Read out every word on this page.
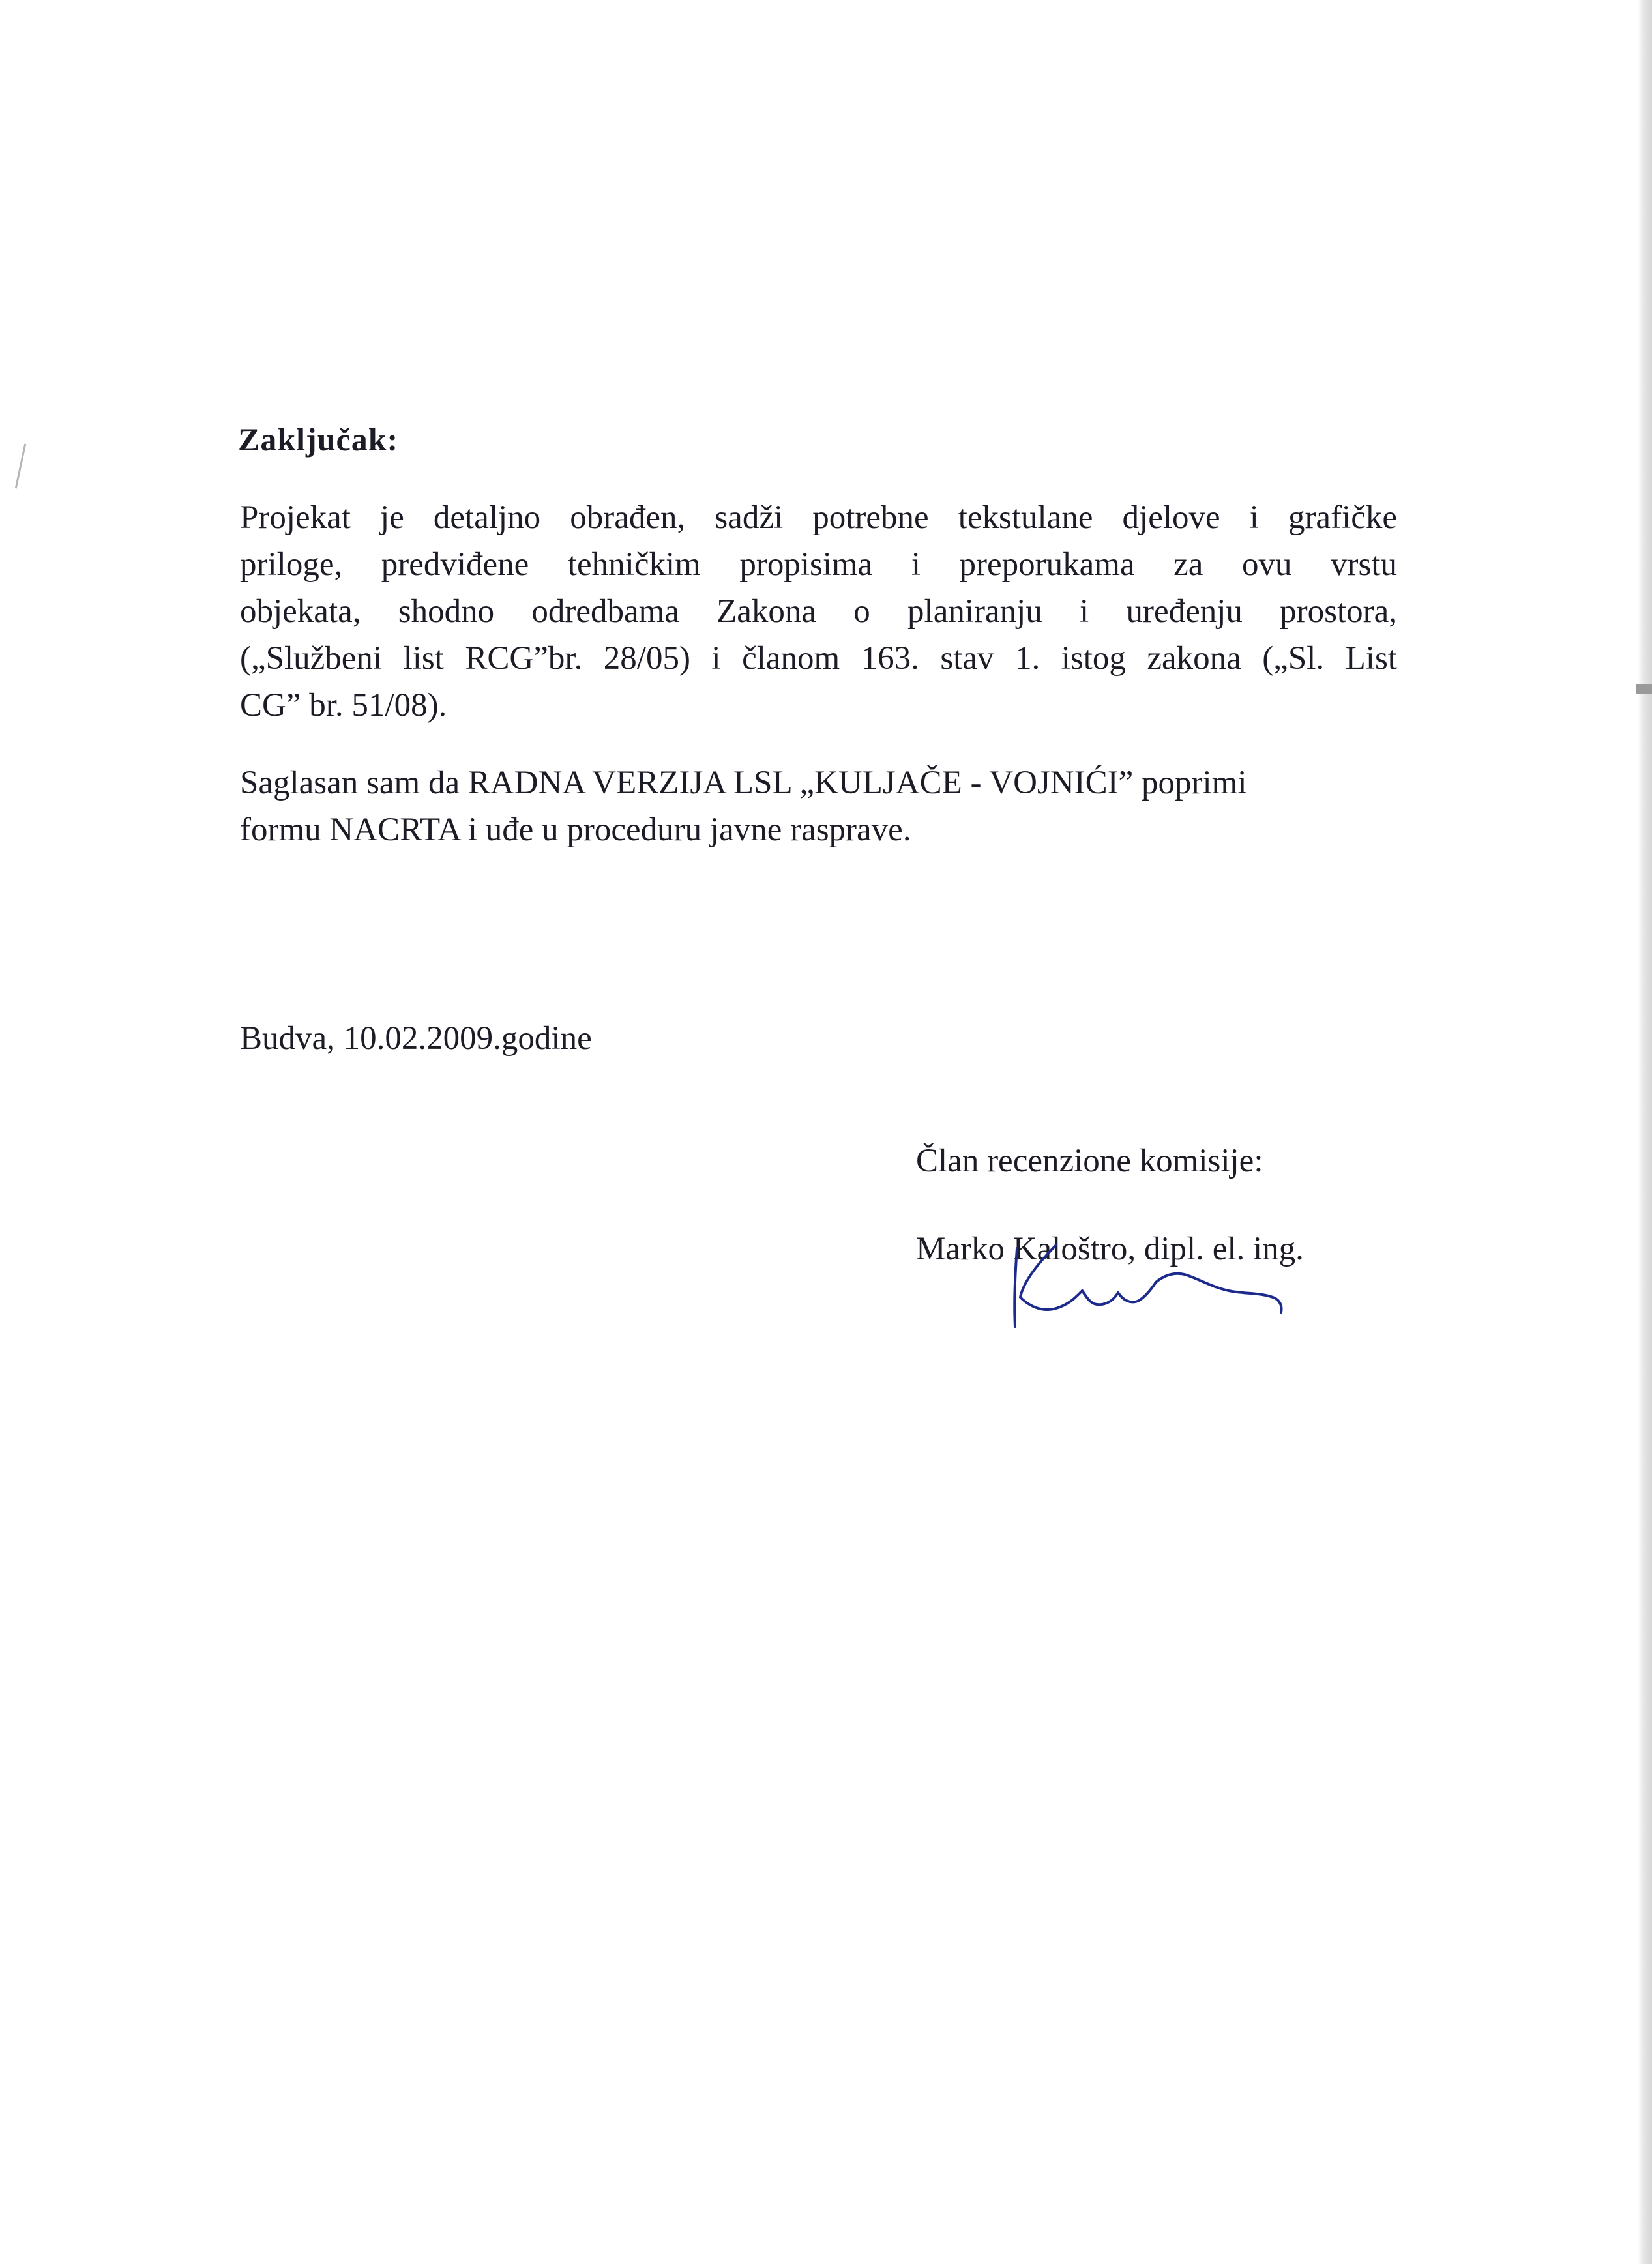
Zaključak:
Projekat je detaljno obrađen, sadži potrebne tekstulane djelove i grafičke
priloge, predviđene tehničkim propisima i preporukama za ovu vrstu
objekata, shodno odredbama Zakona o planiranju i uređenju prostora,
(„Službeni list RCG”br. 28/05) i članom 163. stav 1. istog zakona („Sl. List
CG” br. 51/08).
Saglasan sam da RADNA VERZIJA LSL „KULJAČE - VOJNIĆI” poprimi
formu NACRTA i uđe u proceduru javne rasprave.
Budva, 10.02.2009.godine
Član recenzione komisije:
Marko Kaloštro, dipl. el. ing.
